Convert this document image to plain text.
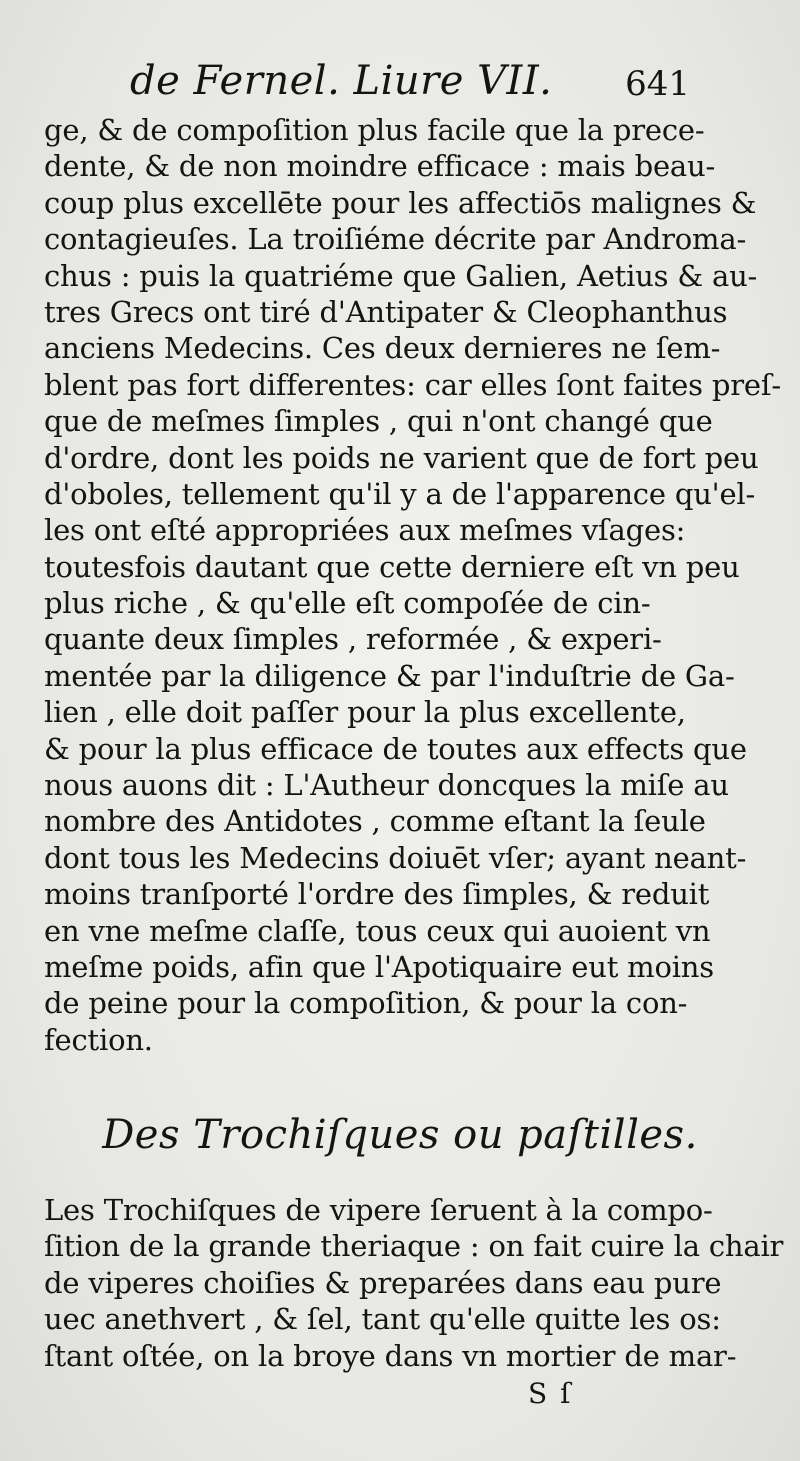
de Fernel. Liure VII. 641
ge, & de compoſition plus facile que la prece-
dente, & de non moindre efficace : mais beau-
coup plus excellēte pour les affectiōs malignes &
contagieuſes. La troiſiéme décrite par Androma-
chus : puis la quatriéme que Galien, Aetius & au-
tres Grecs ont tiré d'Antipater & Cleophanthus
anciens Medecins. Ces deux dernieres ne ſem-
blent pas fort differentes: car elles ſont faites preſ-
que de meſmes ſimples , qui n'ont changé que
d'ordre, dont les poids ne varient que de fort peu
d'oboles, tellement qu'il y a de l'apparence qu'el-
les ont eſté appropriées aux meſmes vſages:
toutesfois dautant que cette derniere eſt vn peu
plus riche , & qu'elle eſt compoſée de cin-
quante deux ſimples , reformée , & experi-
mentée par la diligence & par l'induſtrie de Ga-
lien , elle doit paſſer pour la plus excellente,
& pour la plus efficace de toutes aux effects que
nous auons dit : L'Autheur doncques la miſe au
nombre des Antidotes , comme eſtant la ſeule
dont tous les Medecins doiuēt vſer; ayant neant-
moins tranſporté l'ordre des ſimples, & reduit
en vne meſme claſſe, tous ceux qui auoient vn
meſme poids, afin que l'Apotiquaire eut moins
de peine pour la compoſition, & pour la con-
fection.
Des Trochiſques ou paſtilles.
Les Trochiſques de vipere ſeruent à la compo-
ſition de la grande theriaque : on fait cuire la chair
de viperes choiſies & preparées dans eau pure
uec anethvert , & ſel, tant qu'elle quitte les os:
ſtant oſtée, on la broye dans vn mortier de mar-
S ſ
